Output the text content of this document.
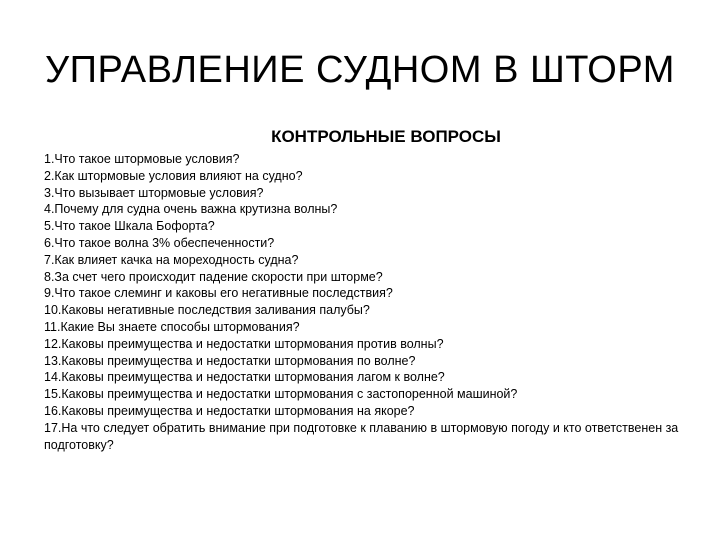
УПРАВЛЕНИЕ СУДНОМ В ШТОРМ
КОНТРОЛЬНЫЕ ВОПРОСЫ
1.Что такое штормовые условия?
2.Как штормовые условия влияют на судно?
3.Что вызывает штормовые условия?
4.Почему для судна очень важна крутизна волны?
5.Что такое Шкала Бофорта?
6.Что такое волна 3% обеспеченности?
7.Как влияет качка на мореходность судна?
8.За счет чего происходит падение скорости при шторме?
9.Что такое слеминг и каковы его негативные последствия?
10.Каковы негативные последствия заливания палубы?
11.Какие Вы знаете способы штормования?
12.Каковы преимущества и недостатки штормования против волны?
13.Каковы преимущества и недостатки штормования по волне?
14.Каковы преимущества и недостатки штормования лагом к волне?
15.Каковы преимущества и недостатки штормования с застопоренной машиной?
16.Каковы преимущества и недостатки штормования на якоре?
17.На что следует обратить внимание при подготовке к плаванию в штормовую погоду и кто ответственен за подготовку?
